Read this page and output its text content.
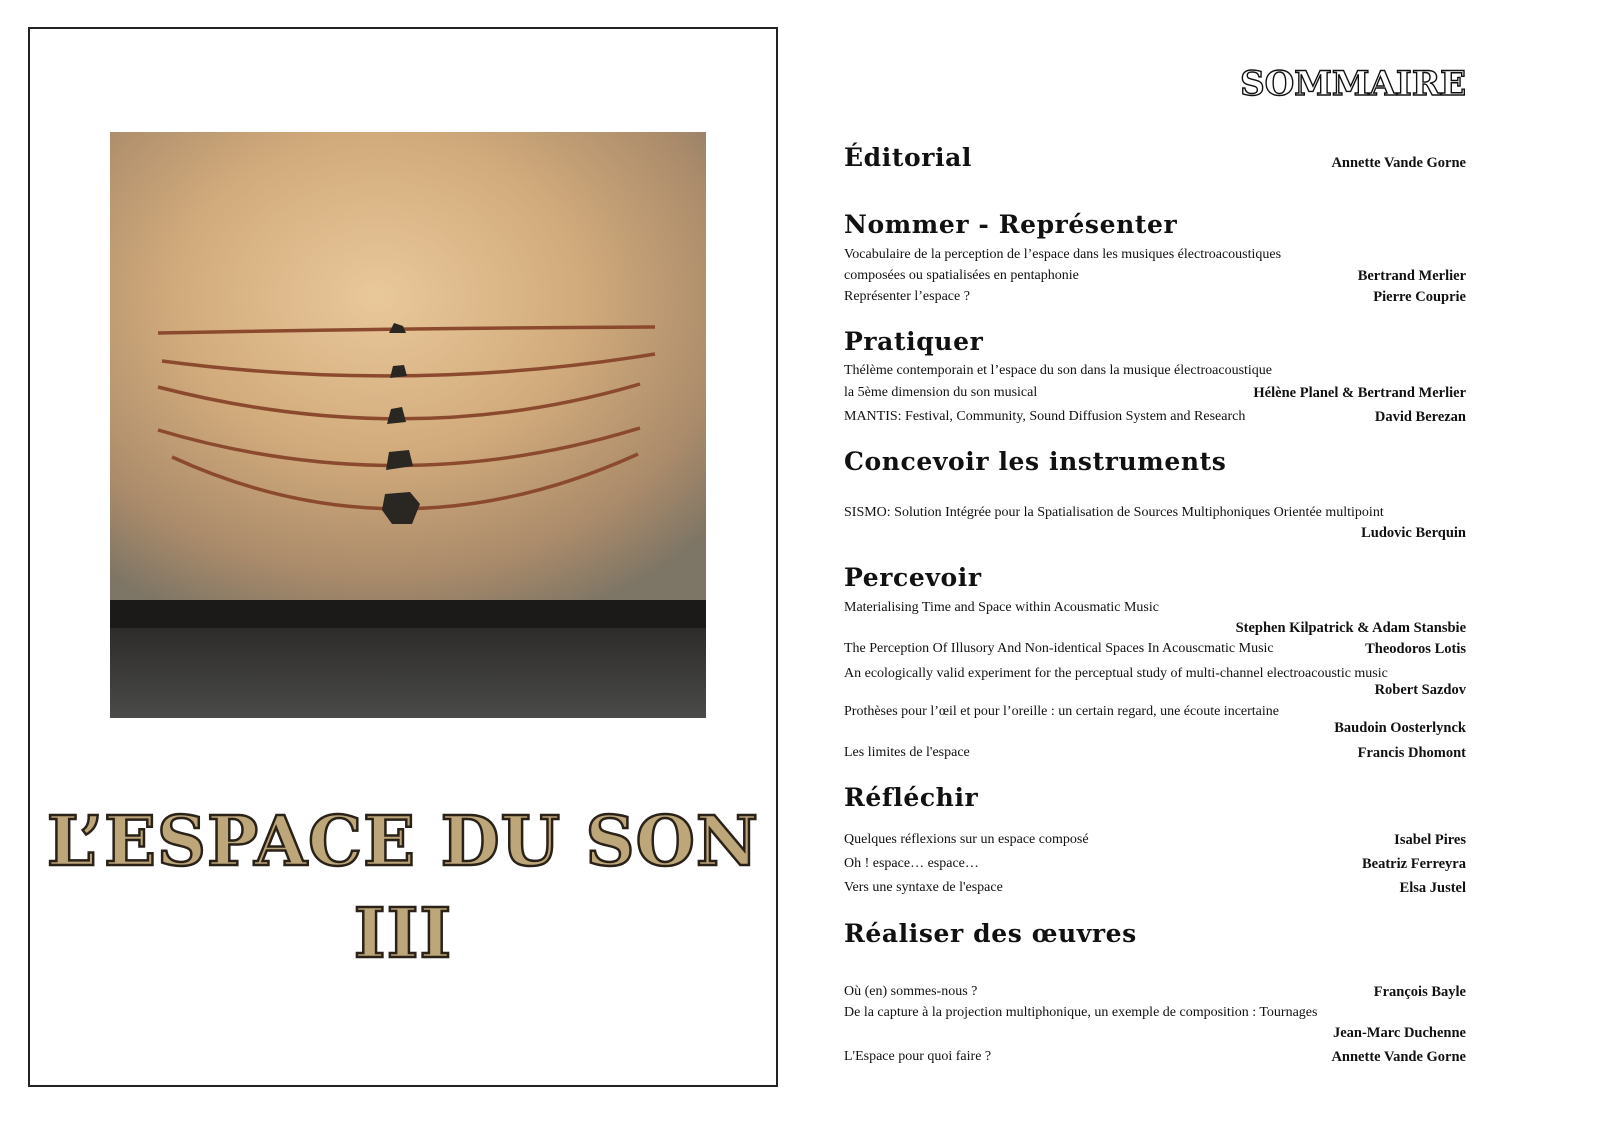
L’ESPACE DU SON
III
SOMMAIRE
Éditorial	Annette Vande Gorne
Nommer - Représenter
Vocabulaire de la perception de l’espace dans les musiques électroacoustiques
composées ou spatialisées en pentaphonie	Bertrand Merlier
Représenter l’espace ?	Pierre Couprie
Pratiquer
Thélème contemporain et l’espace du son dans la musique électroacoustique
la 5ème dimension du son musical	Hélène Planel & Bertrand Merlier
MANTIS: Festival, Community, Sound Diffusion System and Research	David Berezan
Concevoir les instruments
SISMO: Solution Intégrée pour la Spatialisation de Sources Multiphoniques Orientée multipoint
Ludovic Berquin
Percevoir
Materialising Time and Space within Acousmatic Music
Stephen Kilpatrick & Adam Stansbie
The Perception Of Illusory And Non-identical Spaces In Acouscmatic Music	Theodoros Lotis
An ecologically valid experiment for the perceptual study of multi-channel electroacoustic music
Robert Sazdov
Prothèses pour l’œil et pour l’oreille : un certain regard, une écoute incertaine
Baudoin Oosterlynck
Les limites de l'espace	Francis Dhomont
Réfléchir
Quelques réflexions sur un espace composé	Isabel Pires
Oh ! espace… espace…	Beatriz Ferreyra
Vers une syntaxe de l'espace	Elsa Justel
Réaliser des œuvres
Où (en) sommes-nous ?	François Bayle
De la capture à la projection multiphonique, un exemple de composition : Tournages
Jean-Marc Duchenne
L'Espace pour quoi faire ?	Annette Vande Gorne
